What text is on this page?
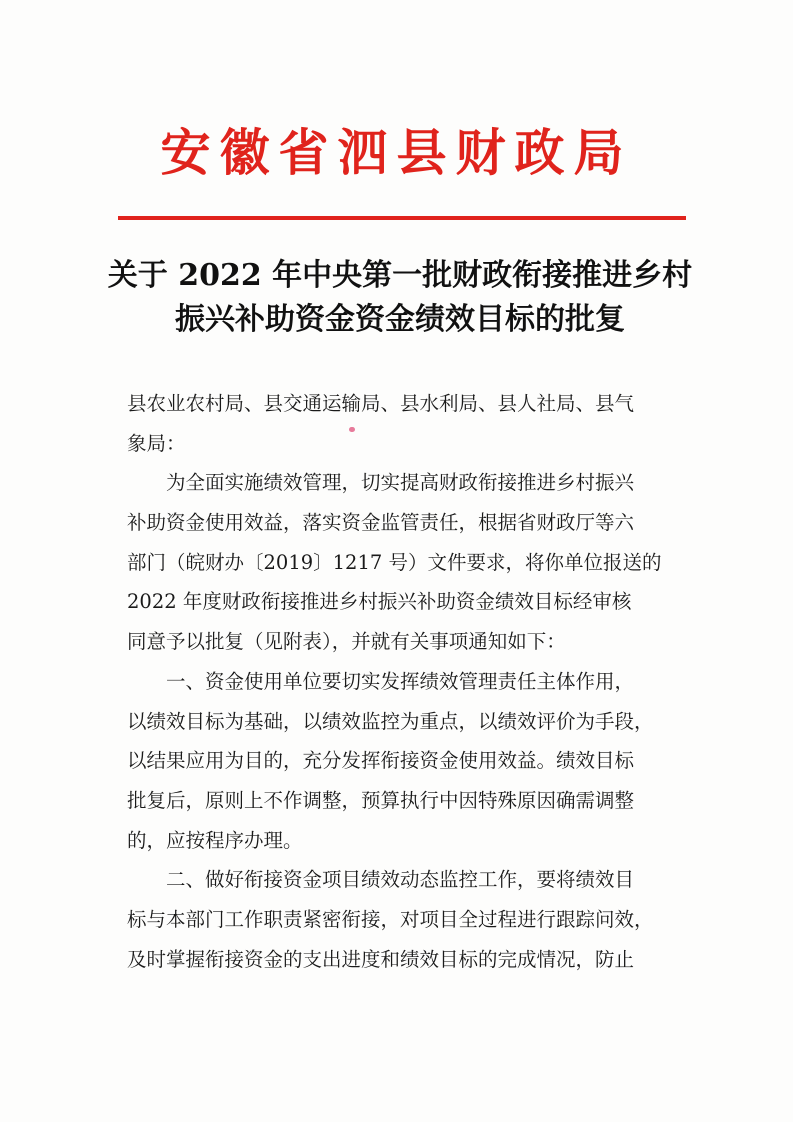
安徽省泗县财政局
关于 2022 年中央第一批财政衔接推进乡村
振兴补助资金资金绩效目标的批复
县农业农村局、县交通运输局、县水利局、县人社局、县气
象局：
为全面实施绩效管理，切实提高财政衔接推进乡村振兴
补助资金使用效益，落实资金监管责任，根据省财政厅等六
部门（皖财办〔2019〕1217 号）文件要求，将你单位报送的
2022 年度财政衔接推进乡村振兴补助资金绩效目标经审核
同意予以批复（见附表），并就有关事项通知如下：
一、资金使用单位要切实发挥绩效管理责任主体作用，
以绩效目标为基础，以绩效监控为重点，以绩效评价为手段，
以结果应用为目的，充分发挥衔接资金使用效益。绩效目标
批复后，原则上不作调整，预算执行中因特殊原因确需调整
的，应按程序办理。
二、做好衔接资金项目绩效动态监控工作，要将绩效目
标与本部门工作职责紧密衔接，对项目全过程进行跟踪问效，
及时掌握衔接资金的支出进度和绩效目标的完成情况，防止
